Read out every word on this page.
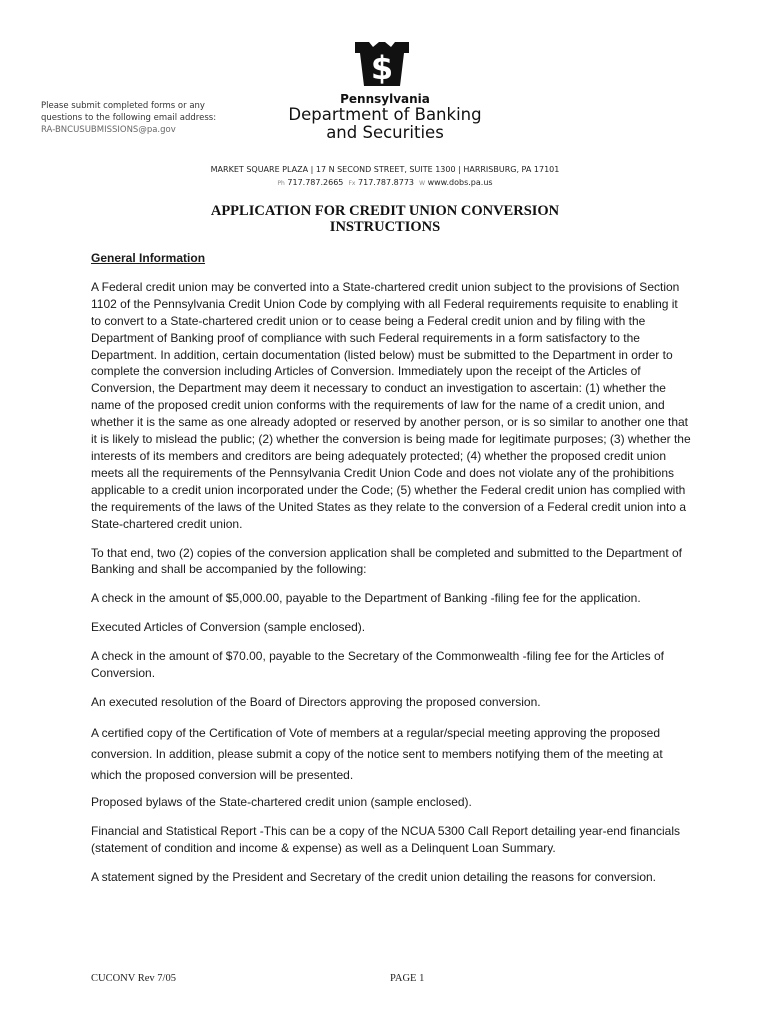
Please submit completed forms or any
questions to the following email address:
RA-BNCUSUBMISSIONS@pa.gov
$
Pennsylvania
Department of Banking
and Securities
MARKET SQUARE PLAZA | 17 N SECOND STREET, SUITE 1300 | HARRISBURG, PA 17101
Ph 717.787.2665 Fx 717.787.8773 W www.dobs.pa.us
APPLICATION FOR CREDIT UNION CONVERSION
INSTRUCTIONS
General Information

A Federal credit union may be converted into a State-chartered credit union subject to the provisions of Section 1102 of the Pennsylvania Credit Union Code by complying with all Federal requirements requisite to enabling it to convert to a State-chartered credit union or to cease being a Federal credit union and by filing with the Department of Banking proof of compliance with such Federal requirements in a form satisfactory to the Department. In addition, certain documentation (listed below) must be submitted to the Department in order to complete the conversion including Articles of Conversion. Immediately upon the receipt of the Articles of Conversion, the Department may deem it necessary to conduct an investigation to ascertain: (1) whether the name of the proposed credit union conforms with the requirements of law for the name of a credit union, and whether it is the same as one already adopted or reserved by another person, or is so similar to another one that it is likely to mislead the public; (2) whether the conversion is being made for legitimate purposes; (3) whether the interests of its members and creditors are being adequately protected; (4) whether the proposed credit union meets all the requirements of the Pennsylvania Credit Union Code and does not violate any of the prohibitions applicable to a credit union incorporated under the Code; (5) whether the Federal credit union has complied with the requirements of the laws of the United States as they relate to the conversion of a Federal credit union into a State-chartered credit union.

To that end, two (2) copies of the conversion application shall be completed and submitted to the Department of Banking and shall be accompanied by the following:

A check in the amount of $5,000.00, payable to the Department of Banking -filing fee for the application.

Executed Articles of Conversion (sample enclosed).

A check in the amount of $70.00, payable to the Secretary of the Commonwealth -filing fee for the Articles of Conversion.

An executed resolution of the Board of Directors approving the proposed conversion.

A certified copy of the Certification of Vote of members at a regular/special meeting approving the proposed conversion. In addition, please submit a copy of the notice sent to members notifying them of the meeting at which the proposed conversion will be presented.

Proposed bylaws of the State-chartered credit union (sample enclosed).

Financial and Statistical Report -This can be a copy of the NCUA 5300 Call Report detailing year-end financials (statement of condition and income & expense) as well as a Delinquent Loan Summary.

A statement signed by the President and Secretary of the credit union detailing the reasons for conversion.

CUCONV Rev 7/05	PAGE 1
